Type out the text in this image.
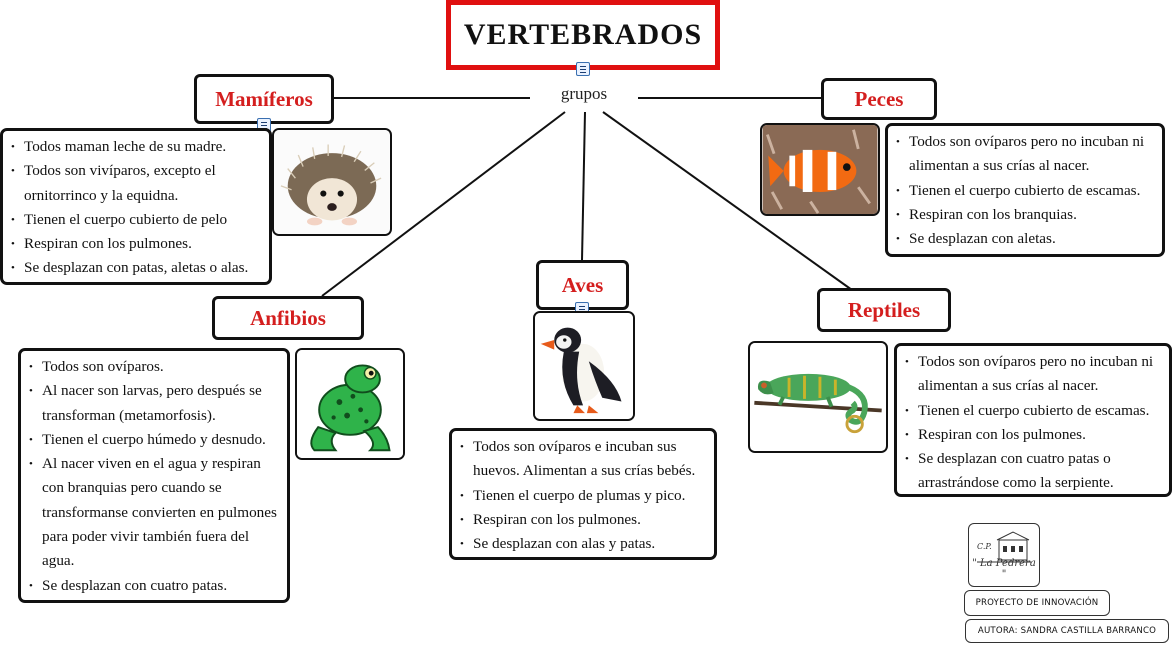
VERTEBRADOS
grupos
Mamíferos
• Todos maman leche de su madre.
• Todos son vivíparos, excepto el ornitorrinco y la equidna.
• Tienen el cuerpo cubierto de pelo
• Respiran con los pulmones.
• Se desplazan con patas, aletas o alas.
Peces
• Todos son ovíparos pero no incuban ni alimentan a sus crías al nacer.
• Tienen el cuerpo cubierto de escamas.
• Respiran con los branquias.
• Se desplazan con aletas.
Anfibios
• Todos son ovíparos.
• Al nacer son larvas, pero después se transforman (metamorfosis).
• Tienen el cuerpo húmedo y desnudo.
• Al nacer viven en el agua y respiran con branquias pero cuando se transformanse convierten en pulmones para poder vivir también fuera del agua.
• Se desplazan con cuatro patas.
Aves
• Todos son ovíparos e incuban sus huevos. Alimentan a sus crías bebés.
• Tienen el cuerpo de plumas y pico.
• Respiran con los pulmones.
• Se desplazan con alas y patas.
Reptiles
• Todos son ovíparos pero no incuban ni alimentan a sus crías al nacer.
• Tienen el cuerpo cubierto de escamas.
• Respiran con los pulmones.
• Se desplazan con cuatro patas o arrastrándose como la serpiente.
C.P.
" La Pedrera "
PROYECTO DE INNOVACIÓN
AUTORA: SANDRA CASTILLA BARRANCO
